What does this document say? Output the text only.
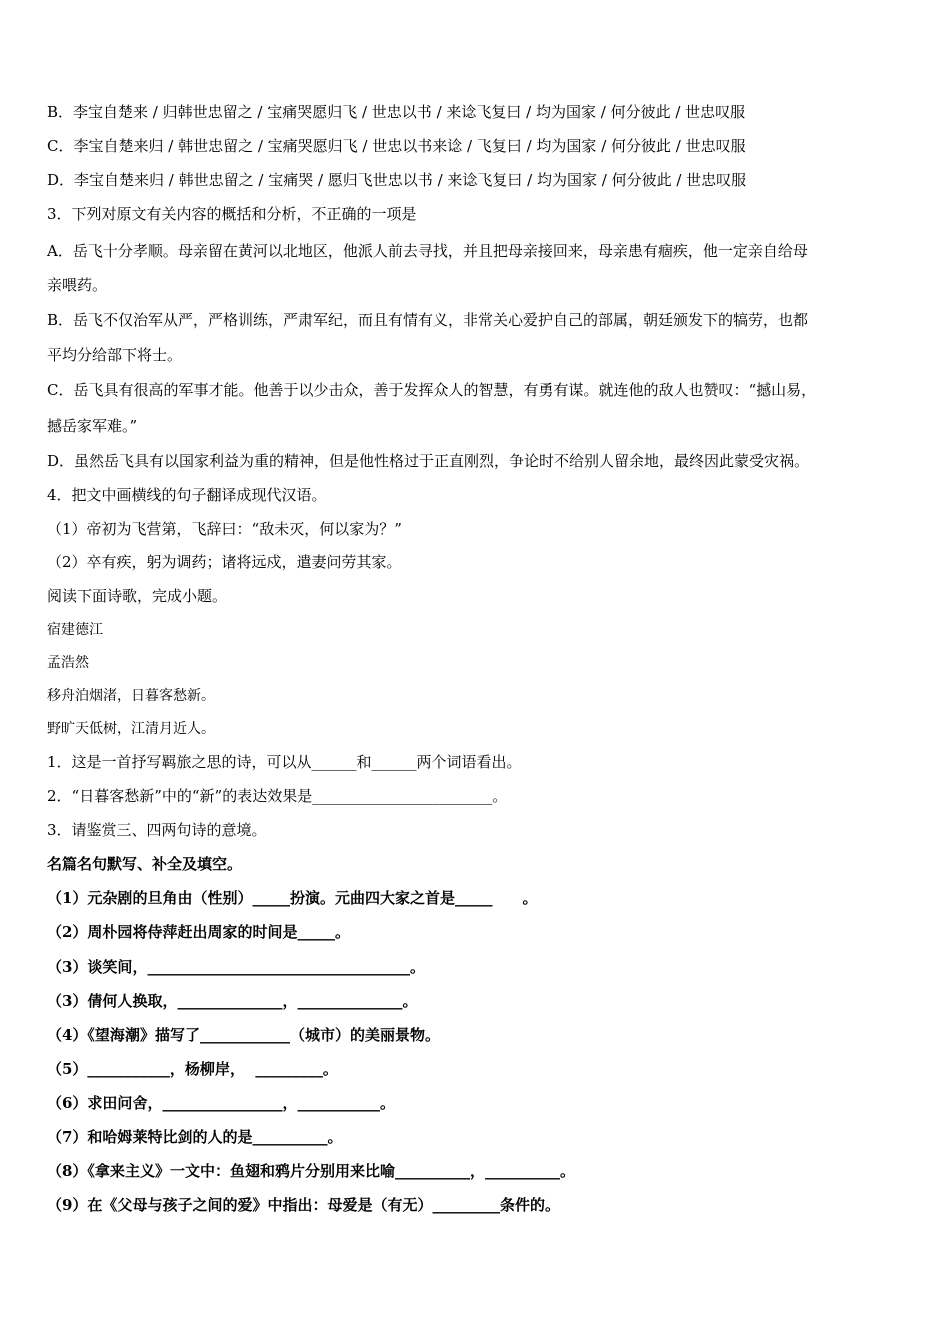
B．李宝自楚来 / 归韩世忠留之 / 宝痛哭愿归飞 / 世忠以书 / 来谂飞复曰 / 均为国家 / 何分彼此 / 世忠叹服
C．李宝自楚来归 / 韩世忠留之 / 宝痛哭愿归飞 / 世忠以书来谂 / 飞复曰 / 均为国家 / 何分彼此 / 世忠叹服
D．李宝自楚来归 / 韩世忠留之 / 宝痛哭 / 愿归飞世忠以书 / 来谂飞复曰 / 均为国家 / 何分彼此 / 世忠叹服
3．下列对原文有关内容的概括和分析，不正确的一项是
A．岳飞十分孝顺。母亲留在黄河以北地区，他派人前去寻找，并且把母亲接回来，母亲患有痼疾，他一定亲自给母
亲喂药。
B．岳飞不仅治军从严，严格训练，严肃军纪，而且有情有义，非常关心爱护自己的部属，朝廷颁发下的犒劳，也都
平均分给部下将士。
C．岳飞具有很高的军事才能。他善于以少击众，善于发挥众人的智慧，有勇有谋。就连他的敌人也赞叹：“撼山易，
撼岳家军难。”
D．虽然岳飞具有以国家利益为重的精神，但是他性格过于正直刚烈，争论时不给别人留余地，最终因此蒙受灾祸。
4．把文中画横线的句子翻译成现代汉语。
（1）帝初为飞营第，飞辞曰：“敌未灭，何以家为？”
（2）卒有疾，躬为调药；诸将远戍，遣妻问劳其家。
阅读下面诗歌，完成小题。
宿建德江
孟浩然
移舟泊烟渚，日暮客愁新。
野旷天低树，江清月近人。
1．这是一首抒写羁旅之思的诗，可以从______和______两个词语看出。
2．“日暮客愁新”中的“新”的表达效果是________________________。
3．请鉴赏三、四两句诗的意境。
名篇名句默写、补全及填空。
（1）元杂剧的旦角由（性别）_____扮演。元曲四大家之首是_____　　。
（2）周朴园将侍萍赶出周家的时间是_____。
（3）谈笑间，___________________________________。
（3）倩何人换取，______________，______________。
（4）《望海潮》描写了____________（城市）的美丽景物。
（5）___________，杨柳岸，  _________。
（6）求田问舍，________________，___________。
（7）和哈姆莱特比剑的人的是__________。
（8）《拿来主义》一文中：鱼翅和鸦片分别用来比喻__________，__________。
（9）在《父母与孩子之间的爱》中指出：母爱是（有无）_________条件的。
